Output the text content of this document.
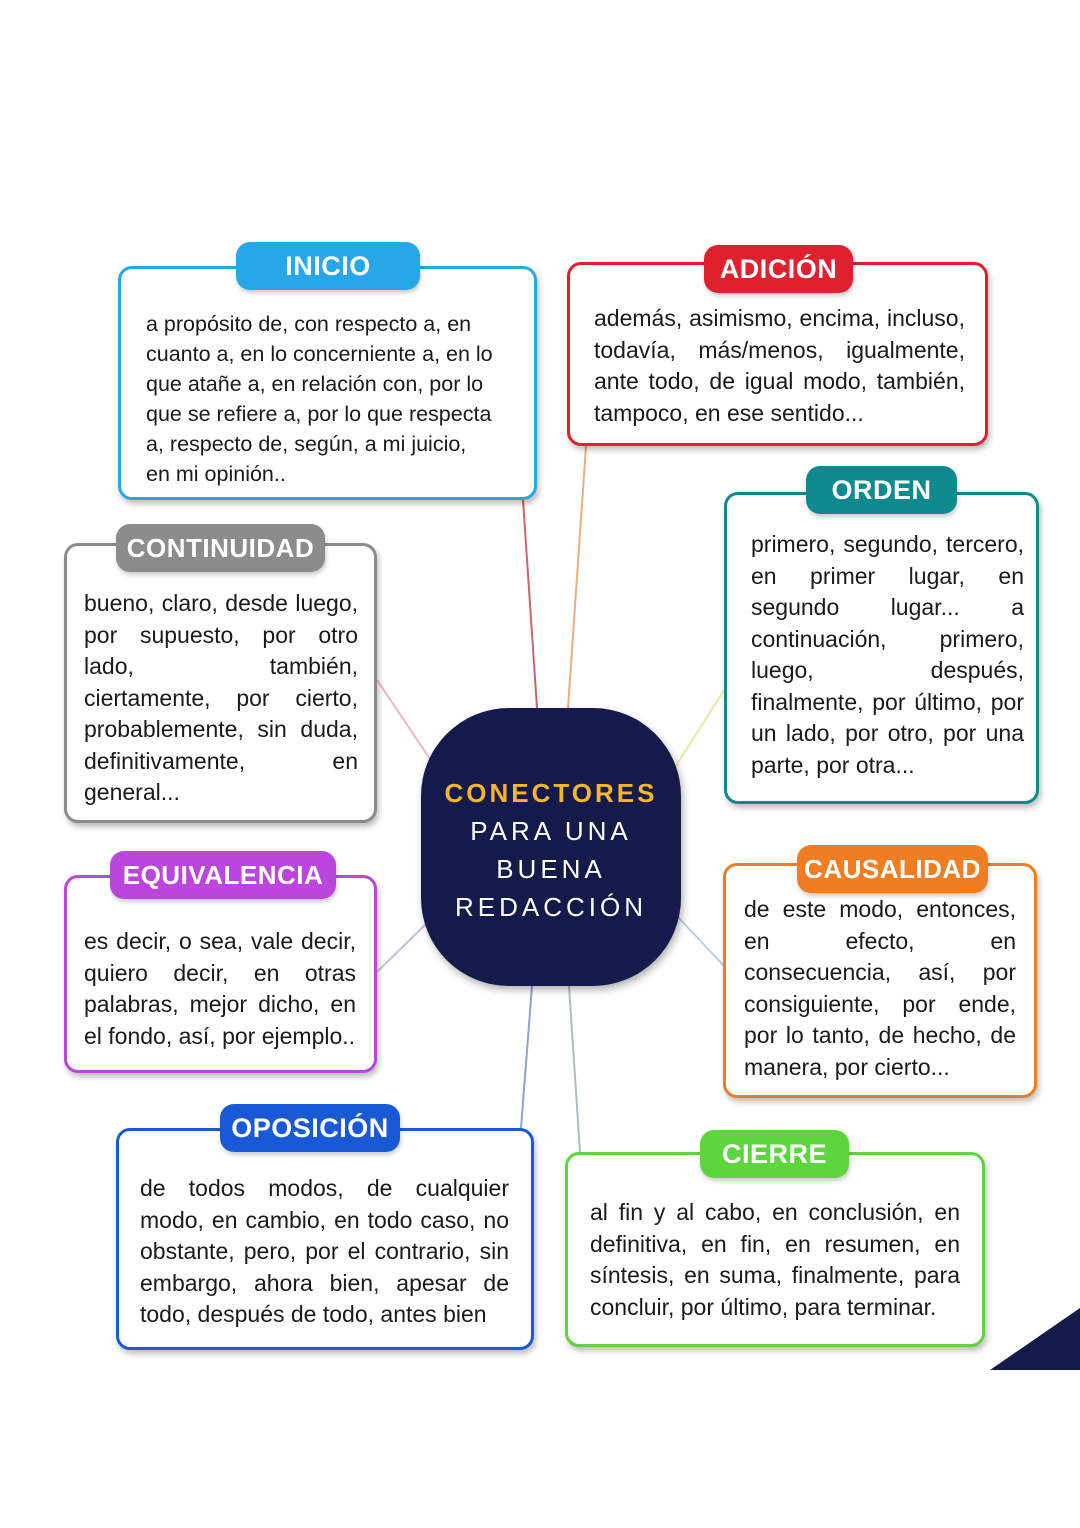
a propósito de, con respecto a, en cuanto a, en lo concerniente a, en lo que atañe a, en relación con, por lo que se refiere a, por lo que respecta a, respecto de, según, a mi juicio, en mi opinión..

INICIO

además, asimismo, encima, incluso, todavía, más/menos, igualmente, ante todo, de igual modo, también, tampoco, en ese sentido...

ADICIÓN

bueno, claro, desde luego, por supuesto, por otro lado, también, ciertamente, por cierto, probablemente, sin duda, definitivamente, en general...

CONTINUIDAD	primero, segundo, tercero, en primer lugar, en segundo lugar... a continuación, primero, luego, después, finalmente, por último, por un lado, por otro, por una parte, por otra...

ORDEN

es decir, o sea, vale decir, quiero decir, en otras palabras, mejor dicho, en el fondo, así, por ejemplo..

EQUIVALENCIA

de este modo, entonces, en efecto, en consecuencia, así, por consiguiente, por ende, por lo tanto, de hecho, de manera, por cierto...

CAUSALIDAD

de todos modos, de cualquier modo, en cambio, en todo caso, no obstante, pero, por el contrario, sin embargo, ahora bien, apesar de todo, después de todo, antes bien

OPOSICIÓN

al fin y al cabo, en conclusión, en definitiva, en fin, en resumen, en síntesis, en suma, finalmente, para concluir, por último, para terminar.

CIERRE
CONECTORES
PARA UNA
BUENA
REDACCIÓN
